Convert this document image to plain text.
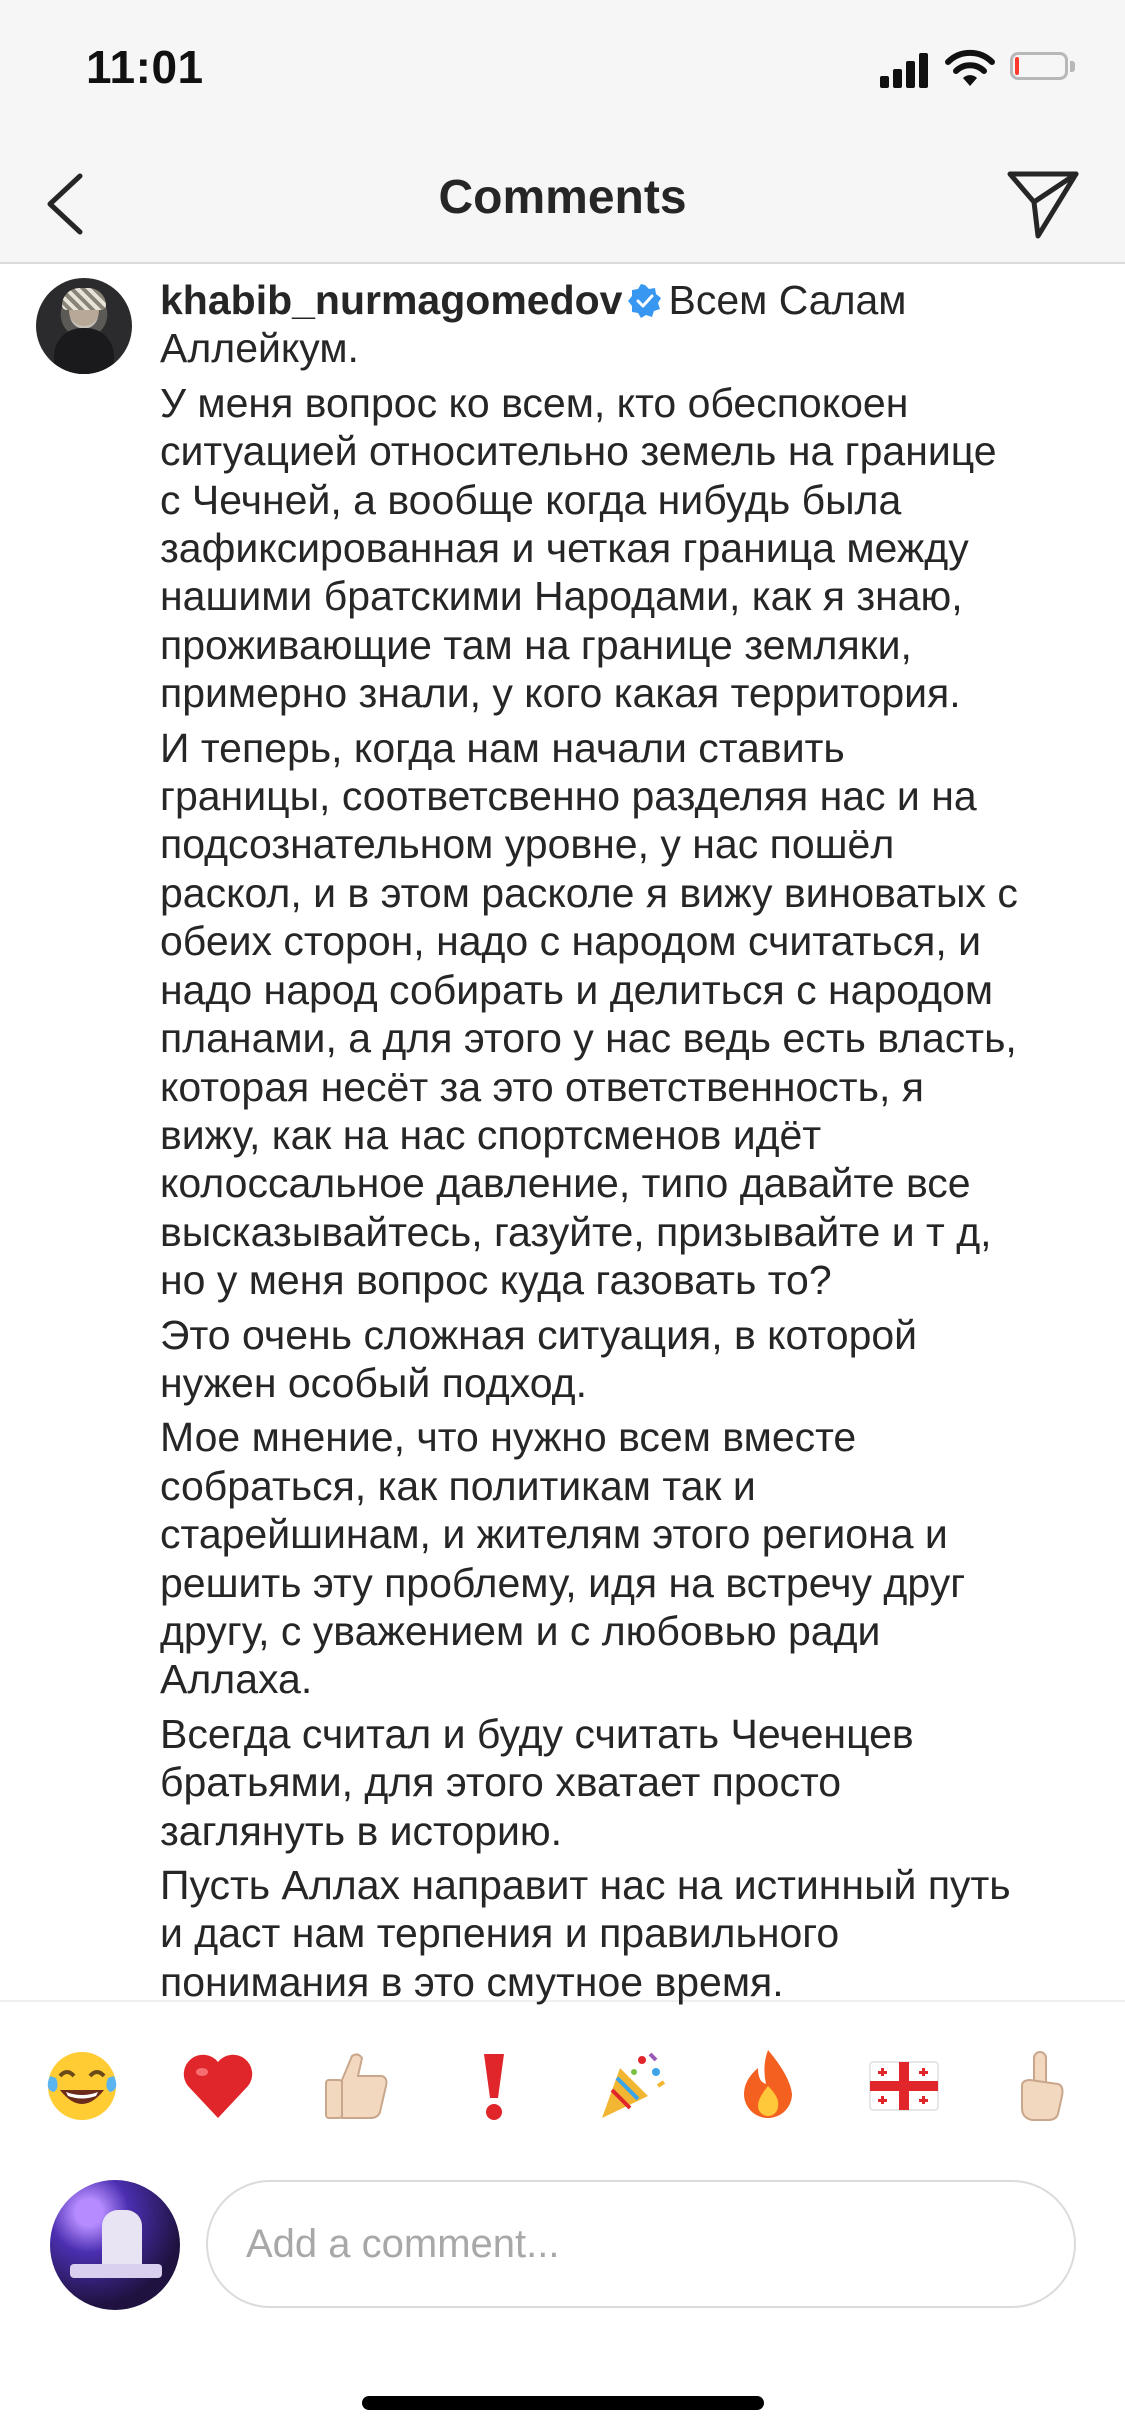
11:01
Comments

khabib_nurmagomedov Всем Салам
Аллейкум.

У меня вопрос ко всем, кто обеспокоен
ситуацией относительно земель на границе
с Чечней, а вообще когда нибудь была
зафиксированная и четкая граница между
нашими братскими Народами, как я знаю,
проживающие там на границе земляки,
примерно знали, у кого какая территория.

И теперь, когда нам начали ставить
границы, соответсвенно разделяя нас и на
подсознательном уровне, у нас пошёл
раскол, и в этом расколе я вижу виноватых с
обеих сторон, надо с народом считаться, и
надо народ собирать и делиться с народом
планами, а для этого у нас ведь есть власть,
которая несёт за это ответственность, я
вижу, как на нас спортсменов идёт
колоссальное давление, типо давайте все
высказывайтесь, газуйте, призывайте и т д,
но у меня вопрос куда газовать то?

Это очень сложная ситуация, в которой
нужен особый подход.

Мое мнение, что нужно всем вместе
собраться, как политикам так и
старейшинам, и жителям этого региона и
решить эту проблему, идя на встречу друг
другу, с уважением и с любовью ради
Аллаха.

Всегда считал и буду считать Чеченцев
братьями, для этого хватает просто
заглянуть в историю.

Пусть Аллах направит нас на истинный путь
и даст нам терпения и правильного
понимания в это смутное время.

Add a comment...
